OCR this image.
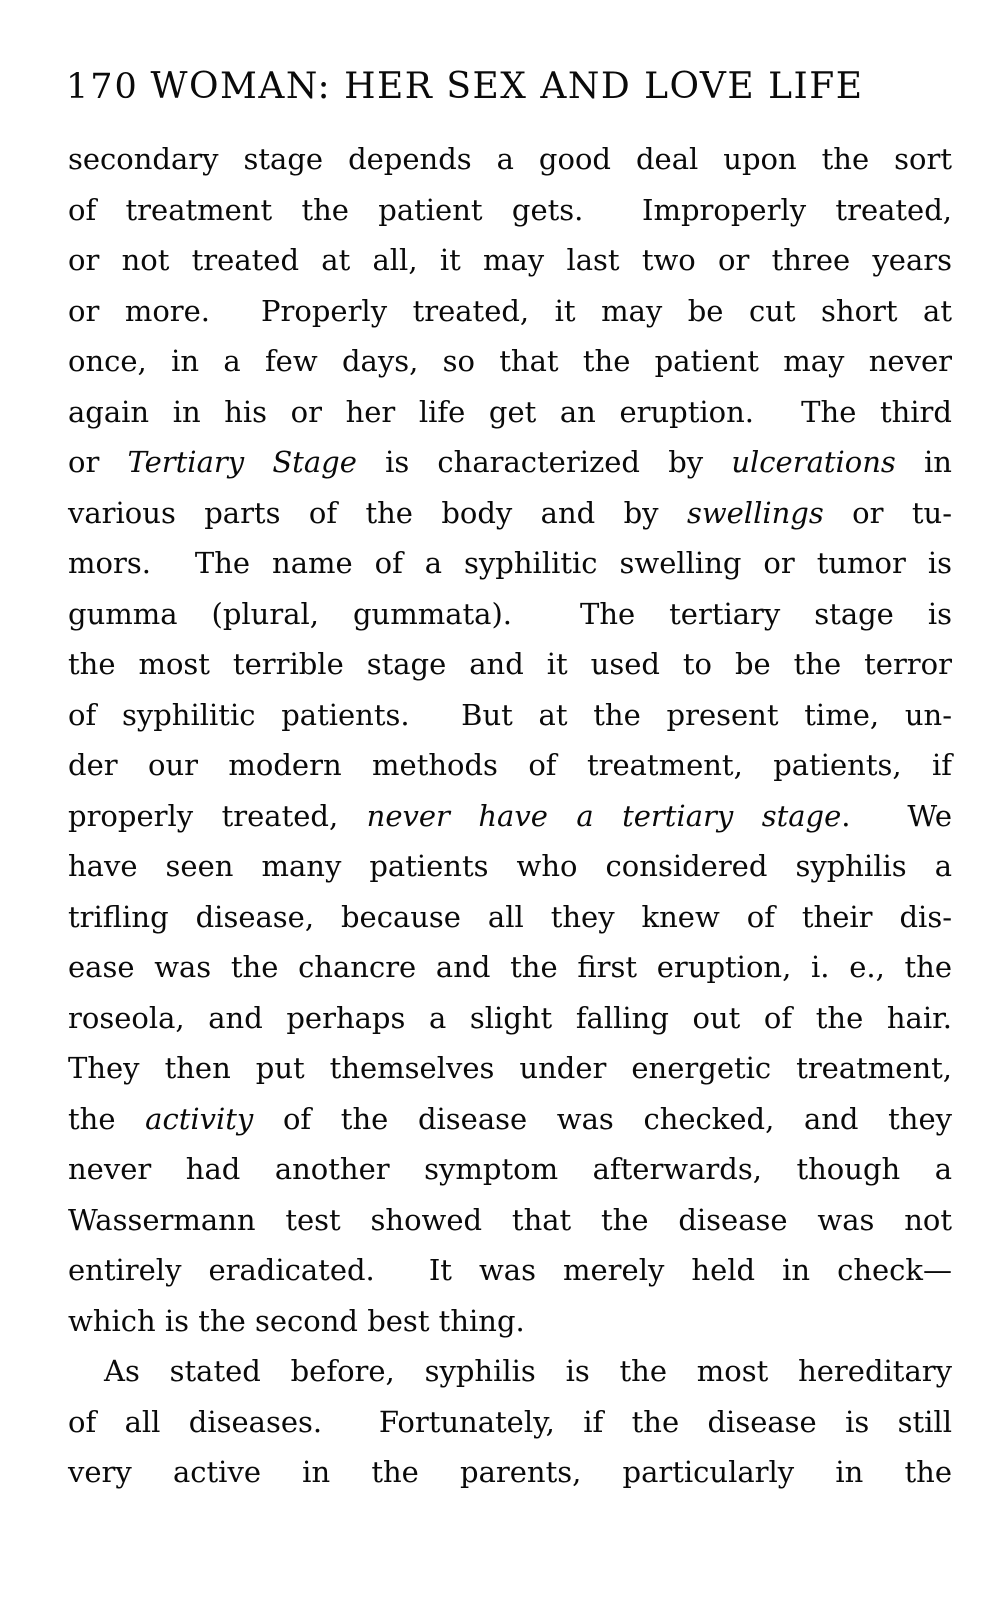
170 WOMAN: HER SEX AND LOVE LIFE
secondary stage depends a good deal upon the sort
of treatment the patient gets.  Improperly treated,
or not treated at all, it may last two or three years
or more.  Properly treated, it may be cut short at
once, in a few days, so that the patient may never
again in his or her life get an eruption.  The third
or Tertiary Stage is characterized by ulcerations in
various parts of the body and by swellings or tu-
mors.  The name of a syphilitic swelling or tumor is
gumma (plural, gummata).  The tertiary stage is
the most terrible stage and it used to be the terror
of syphilitic patients.  But at the present time, un-
der our modern methods of treatment, patients, if
properly treated, never have a tertiary stage.  We
have seen many patients who considered syphilis a
trifling disease, because all they knew of their dis-
ease was the chancre and the first eruption, i. e., the
roseola, and perhaps a slight falling out of the hair.
They then put themselves under energetic treatment,
the activity of the disease was checked, and they
never had another symptom afterwards, though a
Wassermann test showed that the disease was not
entirely eradicated.  It was merely held in check—
which is the second best thing.
As stated before, syphilis is the most hereditary
of all diseases.  Fortunately, if the disease is still
very active in the parents, particularly in the
